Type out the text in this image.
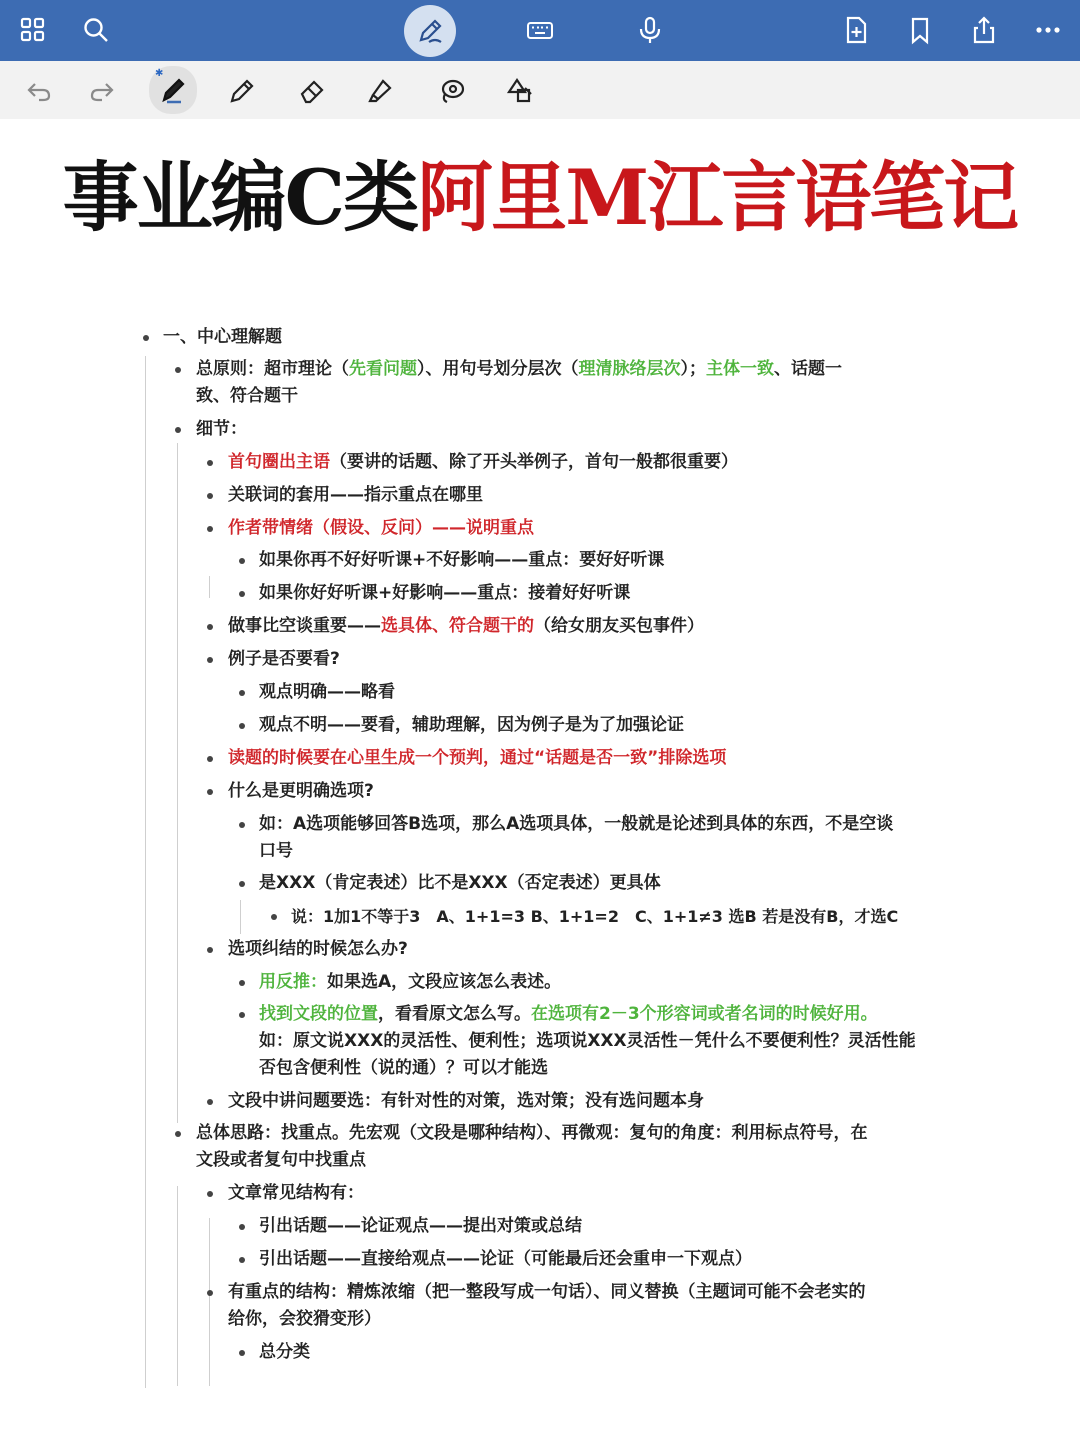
✱
事业编C类阿里M江言语笔记
一、中心理解题
总原则：超市理论（先看问题）、用句号划分层次（理清脉络层次）；主体一致、话题一
致、符合题干
细节：
首句圈出主语（要讲的话题、除了开头举例子，首句一般都很重要）
关联词的套用——指示重点在哪里
作者带情绪（假设、反问）——说明重点
如果你再不好好听课+不好影响——重点：要好好听课
如果你好好听课+好影响——重点：接着好好听课
做事比空谈重要——选具体、符合题干的（给女朋友买包事件）
例子是否要看?
观点明确——略看
观点不明——要看，辅助理解，因为例子是为了加强论证
读题的时候要在心里生成一个预判，通过“话题是否一致”排除选项
什么是更明确选项?
如：A选项能够回答B选项，那么A选项具体，一般就是论述到具体的东西，不是空谈
口号
是XXX（肯定表述）比不是XXX（否定表述）更具体
说：1加1不等于3　A、1+1=3 B、1+1=2　C、1+1≠3 选B 若是没有B，才选C
选项纠结的时候怎么办?
用反推：如果选A，文段应该怎么表述。
找到文段的位置，看看原文怎么写。在选项有2－3个形容词或者名词的时候好用。
如：原文说XXX的灵活性、便利性；选项说XXX灵活性－凭什么不要便利性？灵活性能
否包含便利性（说的通）？可以才能选
文段中讲问题要选：有针对性的对策，选对策；没有选问题本身
总体思路：找重点。先宏观（文段是哪种结构）、再微观：复句的角度：利用标点符号，在
文段或者复句中找重点
文章常见结构有：
引出话题——论证观点——提出对策或总结
引出话题——直接给观点——论证（可能最后还会重申一下观点）
有重点的结构：精炼浓缩（把一整段写成一句话）、同义替换（主题词可能不会老实的
给你，会狡猾变形）
总分类
